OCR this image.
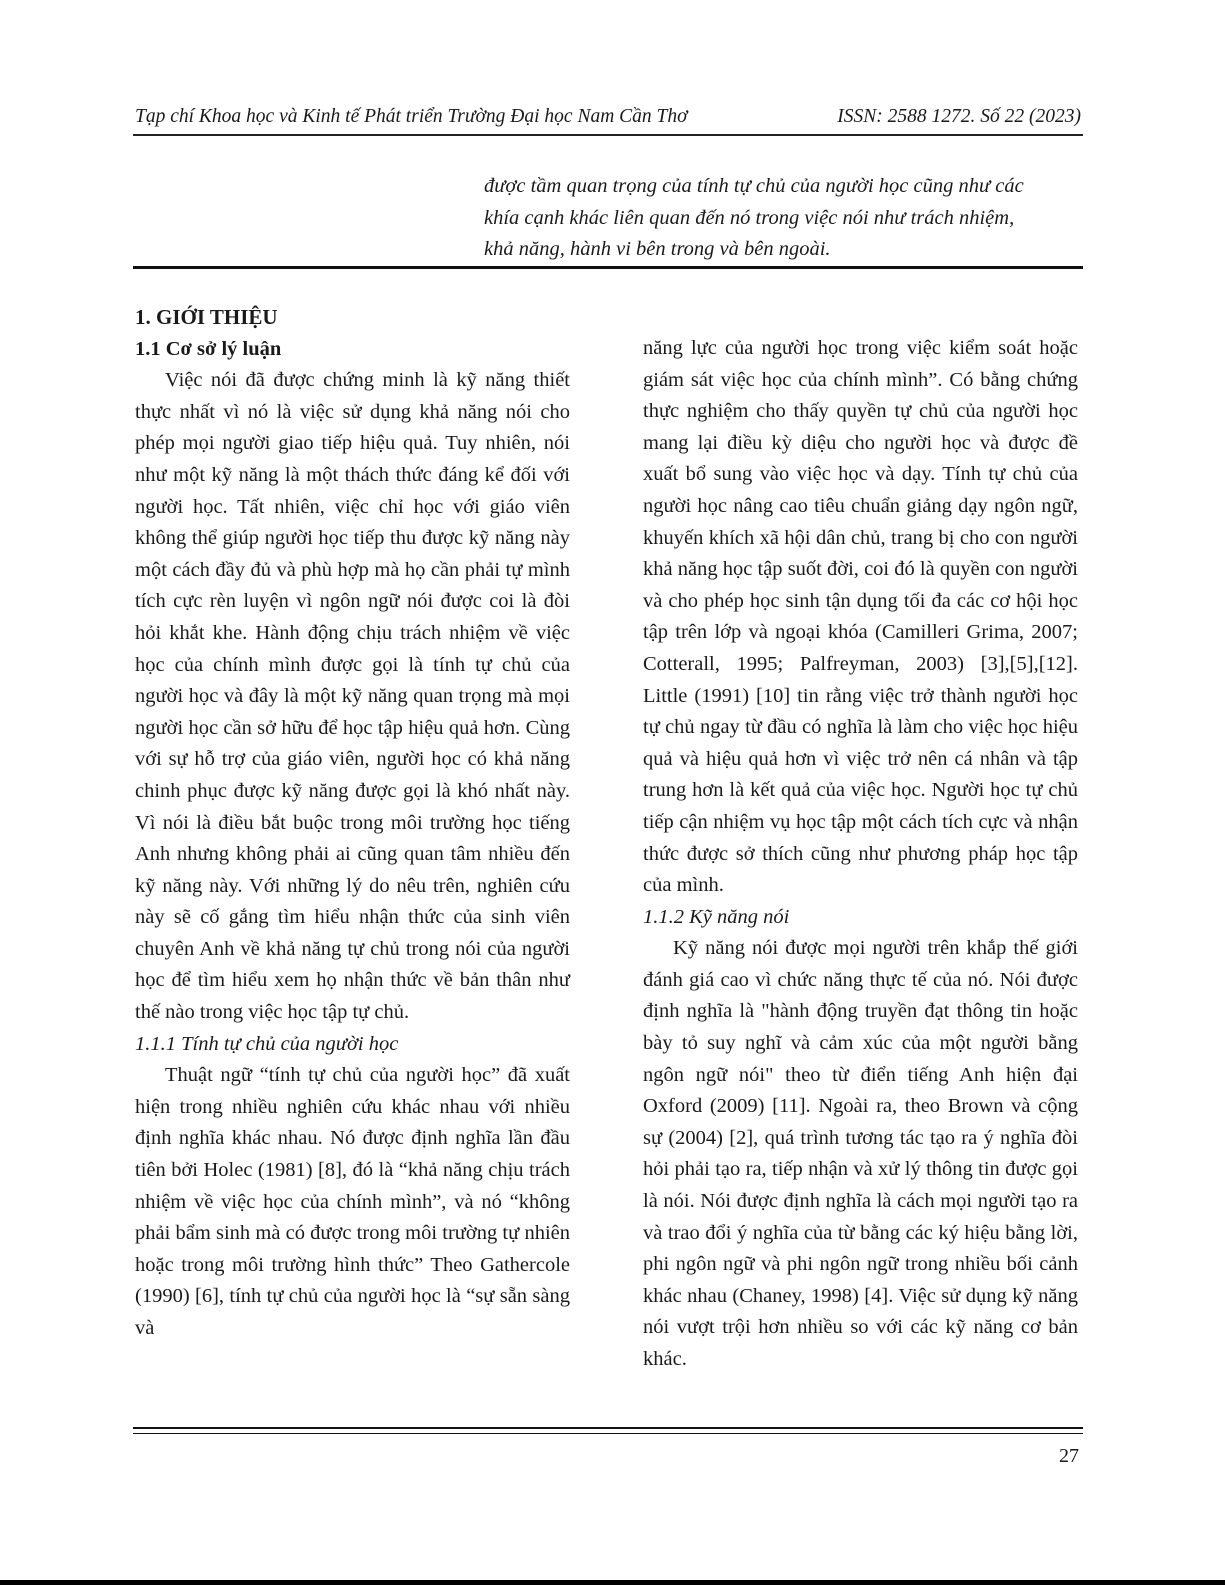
Tạp chí Khoa học và Kinh tế Phát triển Trường Đại học Nam Cần Thơ	ISSN: 2588 1272. Số 22 (2023)
được tầm quan trọng của tính tự chủ của người học cũng như các
khía cạnh khác liên quan đến nó trong việc nói như trách nhiệm,
khả năng, hành vi bên trong và bên ngoài.
1. GIỚI THIỆU
1.1 Cơ sở lý luận

Việc nói đã được chứng minh là kỹ năng thiết thực nhất vì nó là việc sử dụng khả năng nói cho phép mọi người giao tiếp hiệu quả. Tuy nhiên, nói như một kỹ năng là một thách thức đáng kể đối với người học. Tất nhiên, việc chỉ học với giáo viên không thể giúp người học tiếp thu được kỹ năng này một cách đầy đủ và phù hợp mà họ cần phải tự mình tích cực rèn luyện vì ngôn ngữ nói được coi là đòi hỏi khắt khe. Hành động chịu trách nhiệm về việc học của chính mình được gọi là tính tự chủ của người học và đây là một kỹ năng quan trọng mà mọi người học cần sở hữu để học tập hiệu quả hơn. Cùng với sự hỗ trợ của giáo viên, người học có khả năng chinh phục được kỹ năng được gọi là khó nhất này. Vì nói là điều bắt buộc trong môi trường học tiếng Anh nhưng không phải ai cũng quan tâm nhiều đến kỹ năng này. Với những lý do nêu trên, nghiên cứu này sẽ cố gắng tìm hiểu nhận thức của sinh viên chuyên Anh về khả năng tự chủ trong nói của người học để tìm hiểu xem họ nhận thức về bản thân như thế nào trong việc học tập tự chủ.

1.1.1 Tính tự chủ của người học

Thuật ngữ “tính tự chủ của người học” đã xuất hiện trong nhiều nghiên cứu khác nhau với nhiều định nghĩa khác nhau. Nó được định nghĩa lần đầu tiên bởi Holec (1981) [8], đó là “khả năng chịu trách nhiệm về việc học của chính mình”, và nó “không phải bẩm sinh mà có được trong môi trường tự nhiên hoặc trong môi trường hình thức” Theo Gathercole (1990) [6], tính tự chủ của người học là “sự sẵn sàng và

năng lực của người học trong việc kiểm soát hoặc giám sát việc học của chính mình”. Có bằng chứng thực nghiệm cho thấy quyền tự chủ của người học mang lại điều kỳ diệu cho người học và được đề xuất bổ sung vào việc học và dạy. Tính tự chủ của người học nâng cao tiêu chuẩn giảng dạy ngôn ngữ, khuyến khích xã hội dân chủ, trang bị cho con người khả năng học tập suốt đời, coi đó là quyền con người và cho phép học sinh tận dụng tối đa các cơ hội học tập trên lớp và ngoại khóa (Camilleri Grima, 2007; Cotterall, 1995; Palfreyman, 2003) [3],[5],[12]. Little (1991) [10] tin rằng việc trở thành người học tự chủ ngay từ đầu có nghĩa là làm cho việc học hiệu quả và hiệu quả hơn vì việc trở nên cá nhân và tập trung hơn là kết quả của việc học. Người học tự chủ tiếp cận nhiệm vụ học tập một cách tích cực và nhận thức được sở thích cũng như phương pháp học tập của mình.

1.1.2 Kỹ năng nói

Kỹ năng nói được mọi người trên khắp thế giới đánh giá cao vì chức năng thực tế của nó. Nói được định nghĩa là "hành động truyền đạt thông tin hoặc bày tỏ suy nghĩ và cảm xúc của một người bằng ngôn ngữ nói" theo từ điển tiếng Anh hiện đại Oxford (2009) [11]. Ngoài ra, theo Brown và cộng sự (2004) [2], quá trình tương tác tạo ra ý nghĩa đòi hỏi phải tạo ra, tiếp nhận và xử lý thông tin được gọi là nói. Nói được định nghĩa là cách mọi người tạo ra và trao đổi ý nghĩa của từ bằng các ký hiệu bằng lời, phi ngôn ngữ và phi ngôn ngữ trong nhiều bối cảnh khác nhau (Chaney, 1998) [4]. Việc sử dụng kỹ năng nói vượt trội hơn nhiều so với các kỹ năng cơ bản khác.

27
